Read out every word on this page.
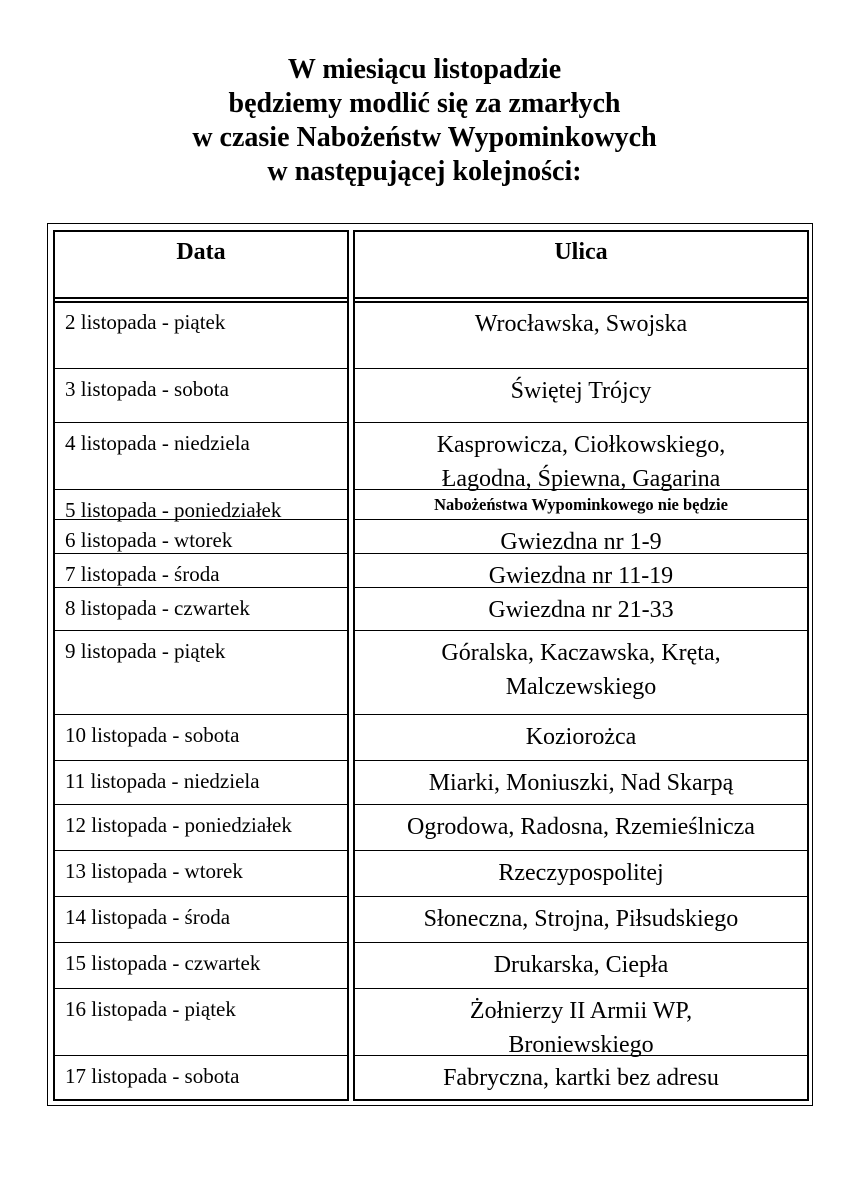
W miesiącu listopadzie
będziemy modlić się za zmarłych
w czasie Nabożeństw Wypominkowych
w następującej kolejności:
Data
2 listopada - piątek
3 listopada - sobota
4 listopada - niedziela
5 listopada - poniedziałek
6 listopada - wtorek
7 listopada - środa
8 listopada - czwartek
9 listopada - piątek
10 listopada - sobota
11 listopada - niedziela
12 listopada - poniedziałek
13 listopada - wtorek
14 listopada - środa
15 listopada - czwartek
16 listopada - piątek
17 listopada - sobota
Ulica
Wrocławska, Swojska
Świętej Trójcy
Kasprowicza, Ciołkowskiego,
Łagodna, Śpiewna, Gagarina
Nabożeństwa Wypominkowego nie będzie
Gwiezdna nr 1-9
Gwiezdna nr 11-19
Gwiezdna nr 21-33
Góralska, Kaczawska, Kręta,
Malczewskiego
Koziorożca
Miarki, Moniuszki, Nad Skarpą
Ogrodowa, Radosna, Rzemieślnicza
Rzeczypospolitej
Słoneczna, Strojna, Piłsudskiego
Drukarska, Ciepła
Żołnierzy II Armii WP,
Broniewskiego
Fabryczna, kartki bez adresu
